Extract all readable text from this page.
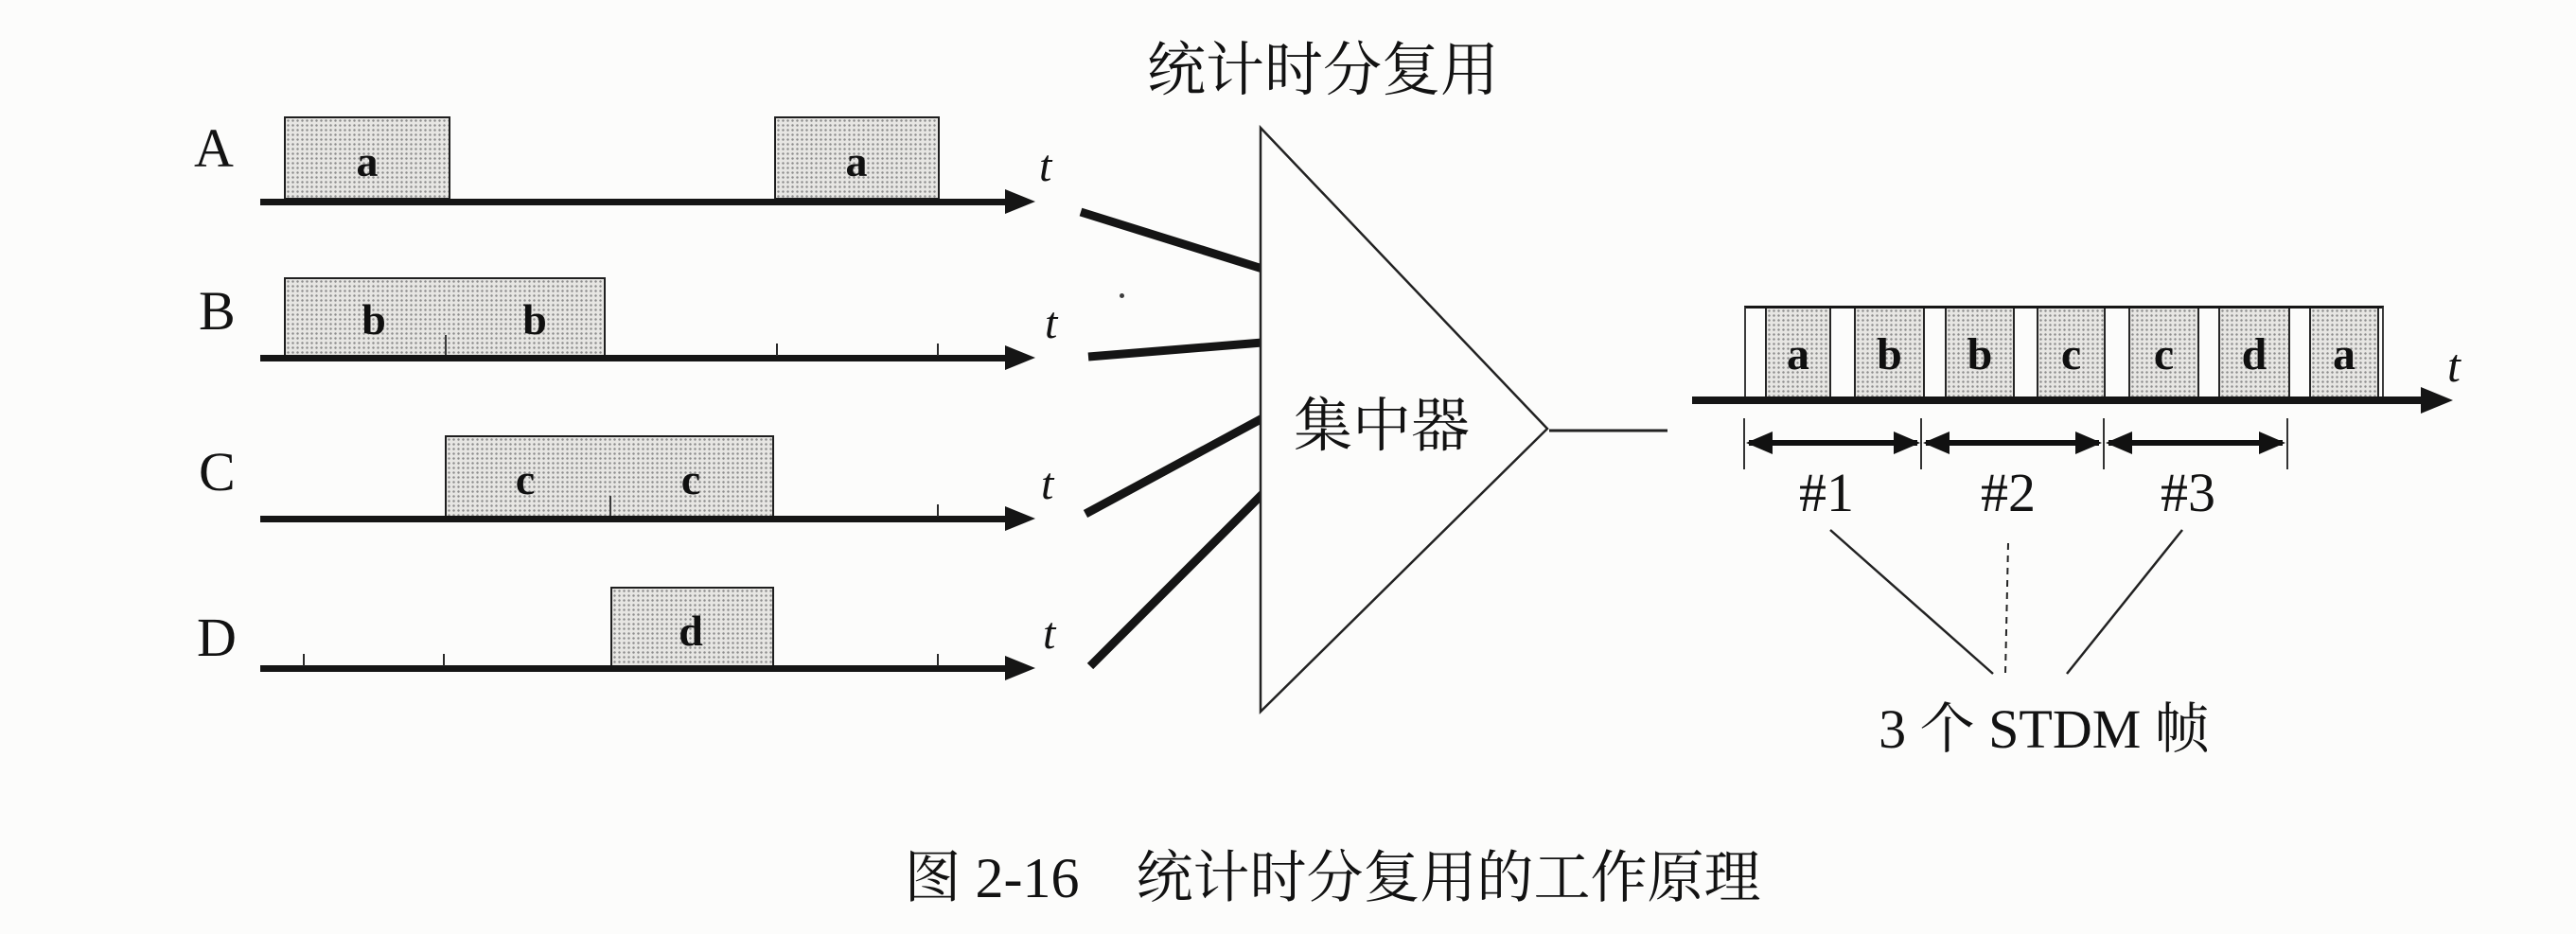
统计时分复用
集中器
A	a	a	t
B	b	b	t
C	c	c	t
D	d	t
a	b	b	c	c	d	a	t
#1	#2	#3
3 个 STDM 帧
图 2-16　统计时分复用的工作原理
